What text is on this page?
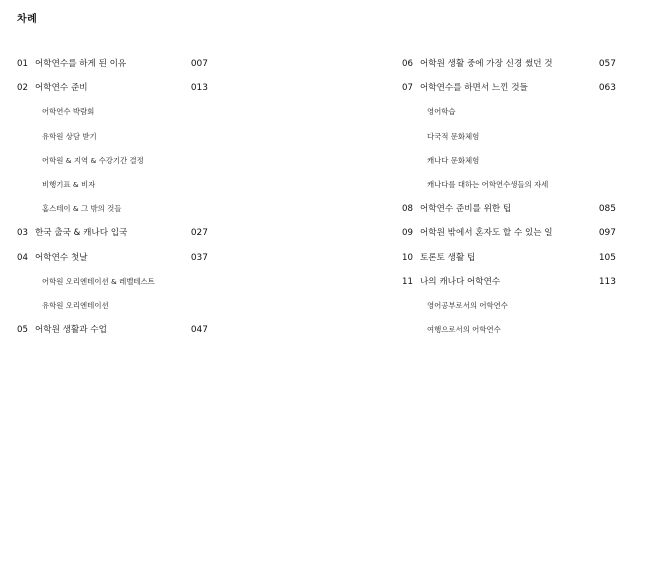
차례
01 어학연수를 하게 된 이유	007
02 어학연수 준비	013
어학연수 박람회
유학원 상담 받기
어학원 & 지역 & 수강기간 결정
비행기표 & 비자
홈스테이 & 그 밖의 것들
03 한국 출국 & 캐나다 입국	027
04 어학연수 첫날	037
어학원 오리엔테이션 & 레벨테스트
유학원 오리엔테이션
05 어학원 생활과 수업	047
06 어학원 생활 중에 가장 신경 썼던 것	057
07 어학연수를 하면서 느낀 것들	063
영어학습
다국적 문화체험
캐나다 문화체험
캐나다를 대하는 어학연수생들의 자세
08 어학연수 준비를 위한 팁	085
09 어학원 밖에서 혼자도 할 수 있는 일	097
10 토론토 생활 팁	105
11 나의 캐나다 어학연수	113
영어공부로서의 어학연수
여행으로서의 어학연수
